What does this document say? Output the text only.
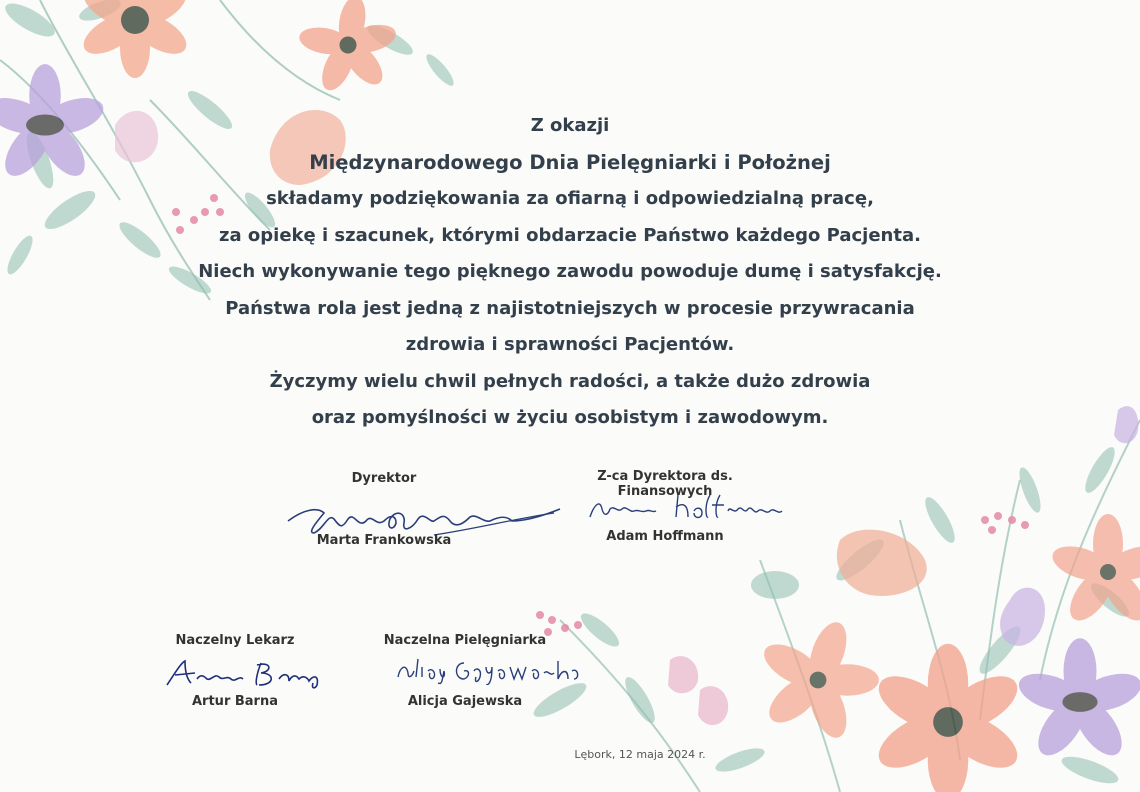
Z okazji
Międzynarodowego Dnia Pielęgniarki i Położnej
składamy podziękowania za ofiarną i odpowiedzialną pracę,
za opiekę i szacunek, którymi obdarzacie Państwo każdego Pacjenta.
Niech wykonywanie tego pięknego zawodu powoduje dumę i satysfakcję.
Państwa rola jest jedną z najistotniejszych w procesie przywracania
zdrowia i sprawności Pacjentów.
Życzymy wielu chwil pełnych radości, a także dużo zdrowia
oraz pomyślności w życiu osobistym i zawodowym.
Dyrektor
Marta Frankowska
Z-ca Dyrektora ds. Finansowych
Adam Hoffmann
Naczelny Lekarz
Artur Barna
Naczelna Pielęgniarka
Alicja Gajewska
Lębork, 12 maja 2024 r.
